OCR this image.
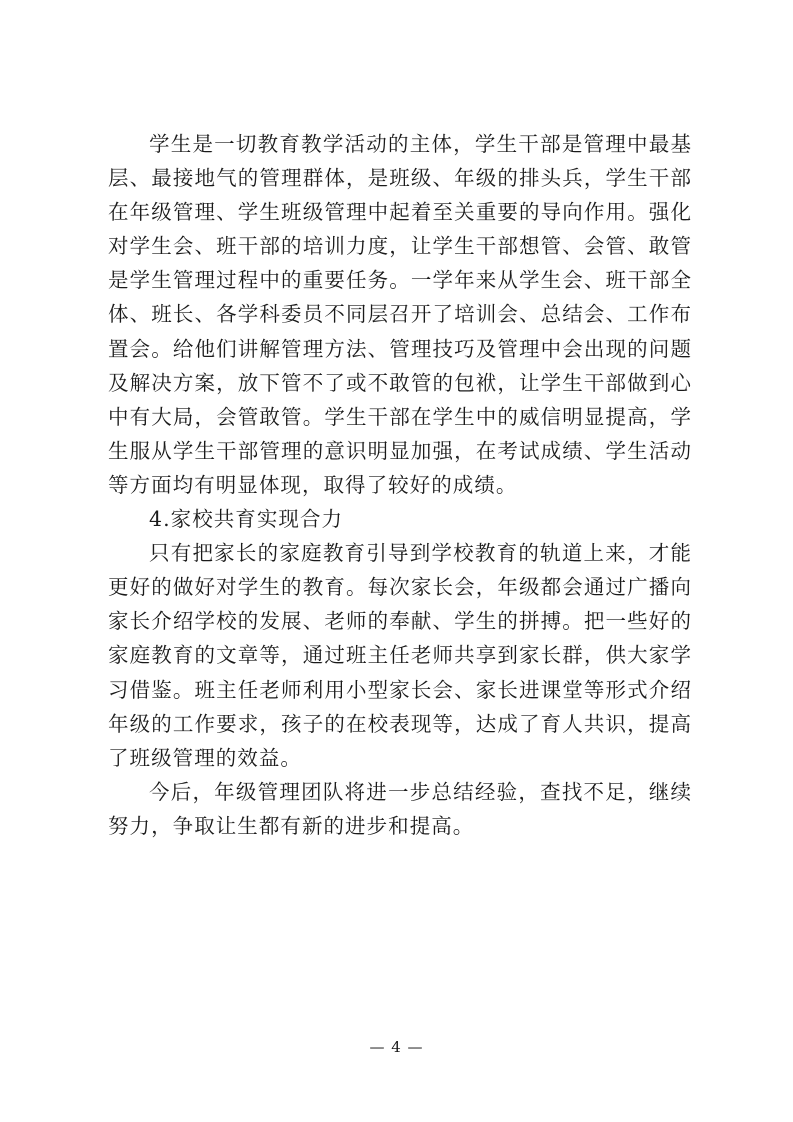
学生是一切教育教学活动的主体，学生干部是管理中最基层、最接地气的管理群体，是班级、年级的排头兵，学生干部在年级管理、学生班级管理中起着至关重要的导向作用。强化对学生会、班干部的培训力度，让学生干部想管、会管、敢管是学生管理过程中的重要任务。一学年来从学生会、班干部全体、班长、各学科委员不同层召开了培训会、总结会、工作布置会。给他们讲解管理方法、管理技巧及管理中会出现的问题及解决方案，放下管不了或不敢管的包袱，让学生干部做到心中有大局，会管敢管。学生干部在学生中的威信明显提高，学生服从学生干部管理的意识明显加强，在考试成绩、学生活动等方面均有明显体现，取得了较好的成绩。

4.家校共育实现合力

只有把家长的家庭教育引导到学校教育的轨道上来，才能更好的做好对学生的教育。每次家长会，年级都会通过广播向家长介绍学校的发展、老师的奉献、学生的拼搏。把一些好的家庭教育的文章等，通过班主任老师共享到家长群，供大家学习借鉴。班主任老师利用小型家长会、家长进课堂等形式介绍年级的工作要求，孩子的在校表现等，达成了育人共识，提高了班级管理的效益。

今后，年级管理团队将进一步总结经验，查找不足，继续努力，争取让生都有新的进步和提高。

— 4 —
